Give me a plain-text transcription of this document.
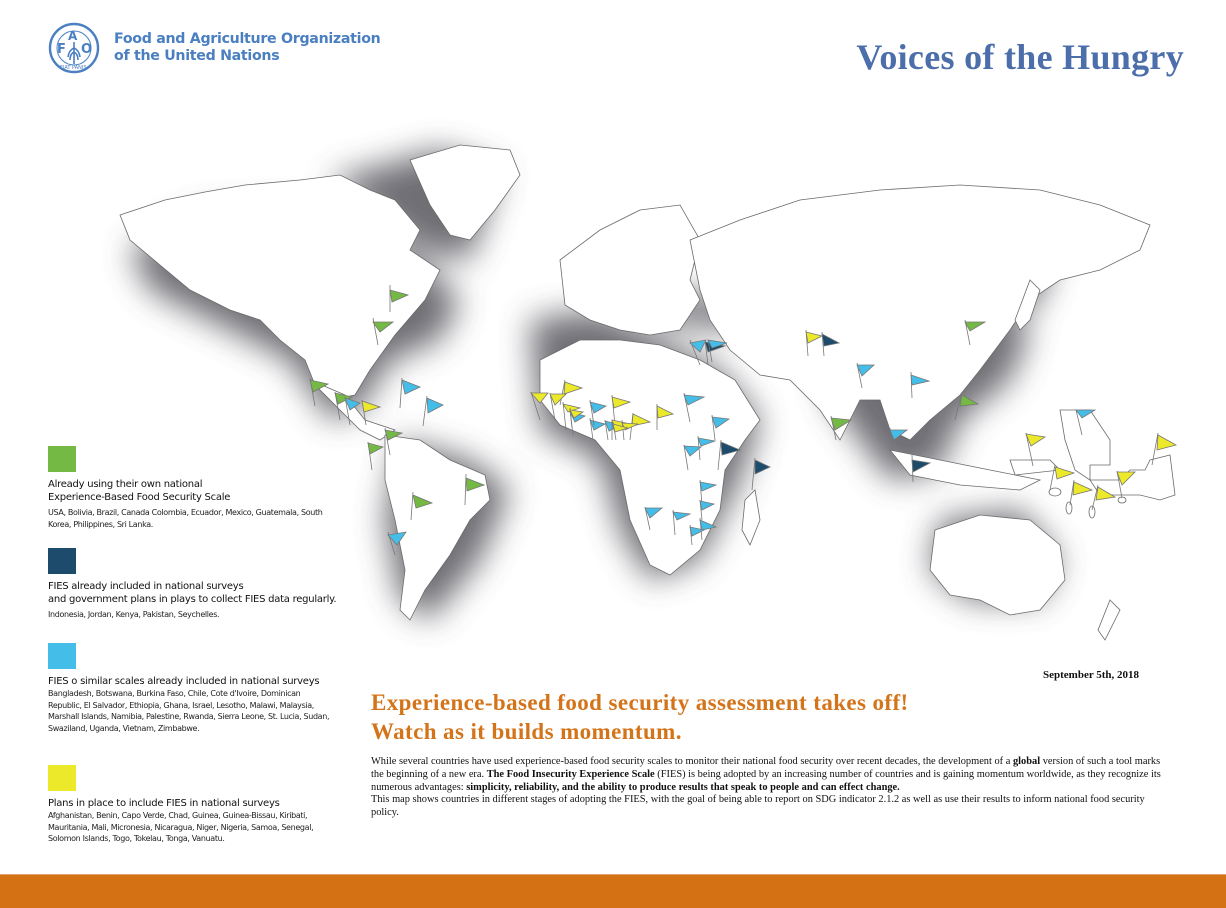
F
A
O
FIAT PANIS
Food and Agriculture Organization
of the United Nations	Voices of the Hungry
Already using their own national
Experience-Based Food Security Scale
USA, Bolivia, Brazil, Canada Colombia, Ecuador, Mexico, Guatemala, South Korea, Philippines, Sri Lanka.
FIES already included in national surveys
and government plans in plays to collect FIES data regularly.
Indonesia, Jordan, Kenya, Pakistan, Seychelles.
FIES o similar scales already included in national surveys
Bangladesh, Botswana, Burkina Faso, Chile, Cote d'Ivoire, Dominican Republic, El Salvador, Ethiopia, Ghana, Israel, Lesotho, Malawi, Malaysia, Marshall Islands, Namibia, Palestine, Rwanda, Sierra Leone, St. Lucia, Sudan, Swaziland, Uganda, Vietnam, Zimbabwe.
Plans in place to include FIES in national surveys
Afghanistan, Benin, Capo Verde, Chad, Guinea, Guinea-Bissau, Kiribati, Mauritania, Mali, Micronesia, Nicaragua, Niger, Nigeria, Samoa, Senegal, Solomon Islands, Togo, Tokelau, Tonga, Vanuatu.
September 5th, 2018
Experience-based food security assessment takes off!
Watch as it builds momentum.

While several countries have used experience-based food security scales to monitor their national food security over recent decades, the development of a global version of such a tool marks the beginning of a new era. The Food Insecurity Experience Scale (FIES) is being adopted by an increasing number of countries and is gaining momentum worldwide, as they recognize its numerous advantages: simplicity, reliability, and the ability to produce results that speak to people and can effect change.

This map shows countries in different stages of adopting the FIES, with the goal of being able to report on SDG indicator 2.1.2 as well as use their results to inform national food security policy.
